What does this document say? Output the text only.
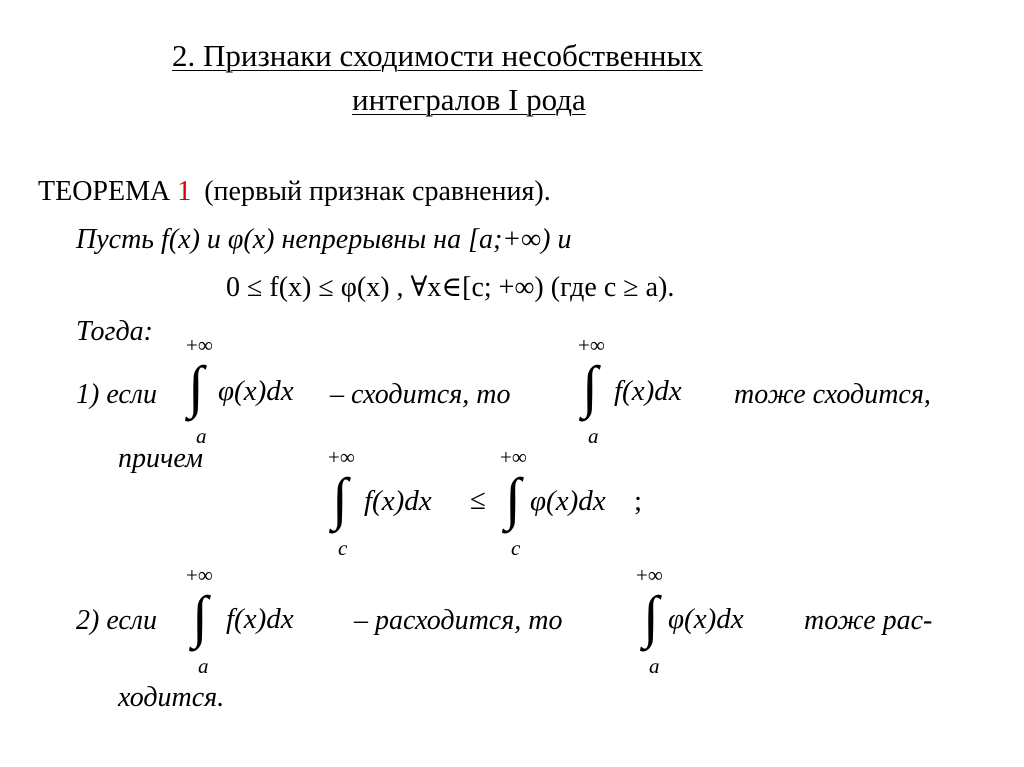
2. Признаки сходимости несобственных
интегралов I рода
ТЕОРЕМА 1 (первый признак сравнения).
Пусть f(x) и φ(x) непрерывны на [a;+∞) и
0 ≤ f(x) ≤ φ(x) , ∀x∈[c; +∞) (где c ≥ a).
Тогда:
1) если
+∞
∫
a
φ(x)dx – сходится, то
+∞
∫
a
f(x)dx тоже сходится,
причем	+∞
∫
c
f(x)dx ≤
+∞
∫
c
φ(x)dx ;
2) если
+∞
∫
a
f(x)dx – расходится, то
+∞
∫
a
φ(x)dx тоже рас-
ходится.
